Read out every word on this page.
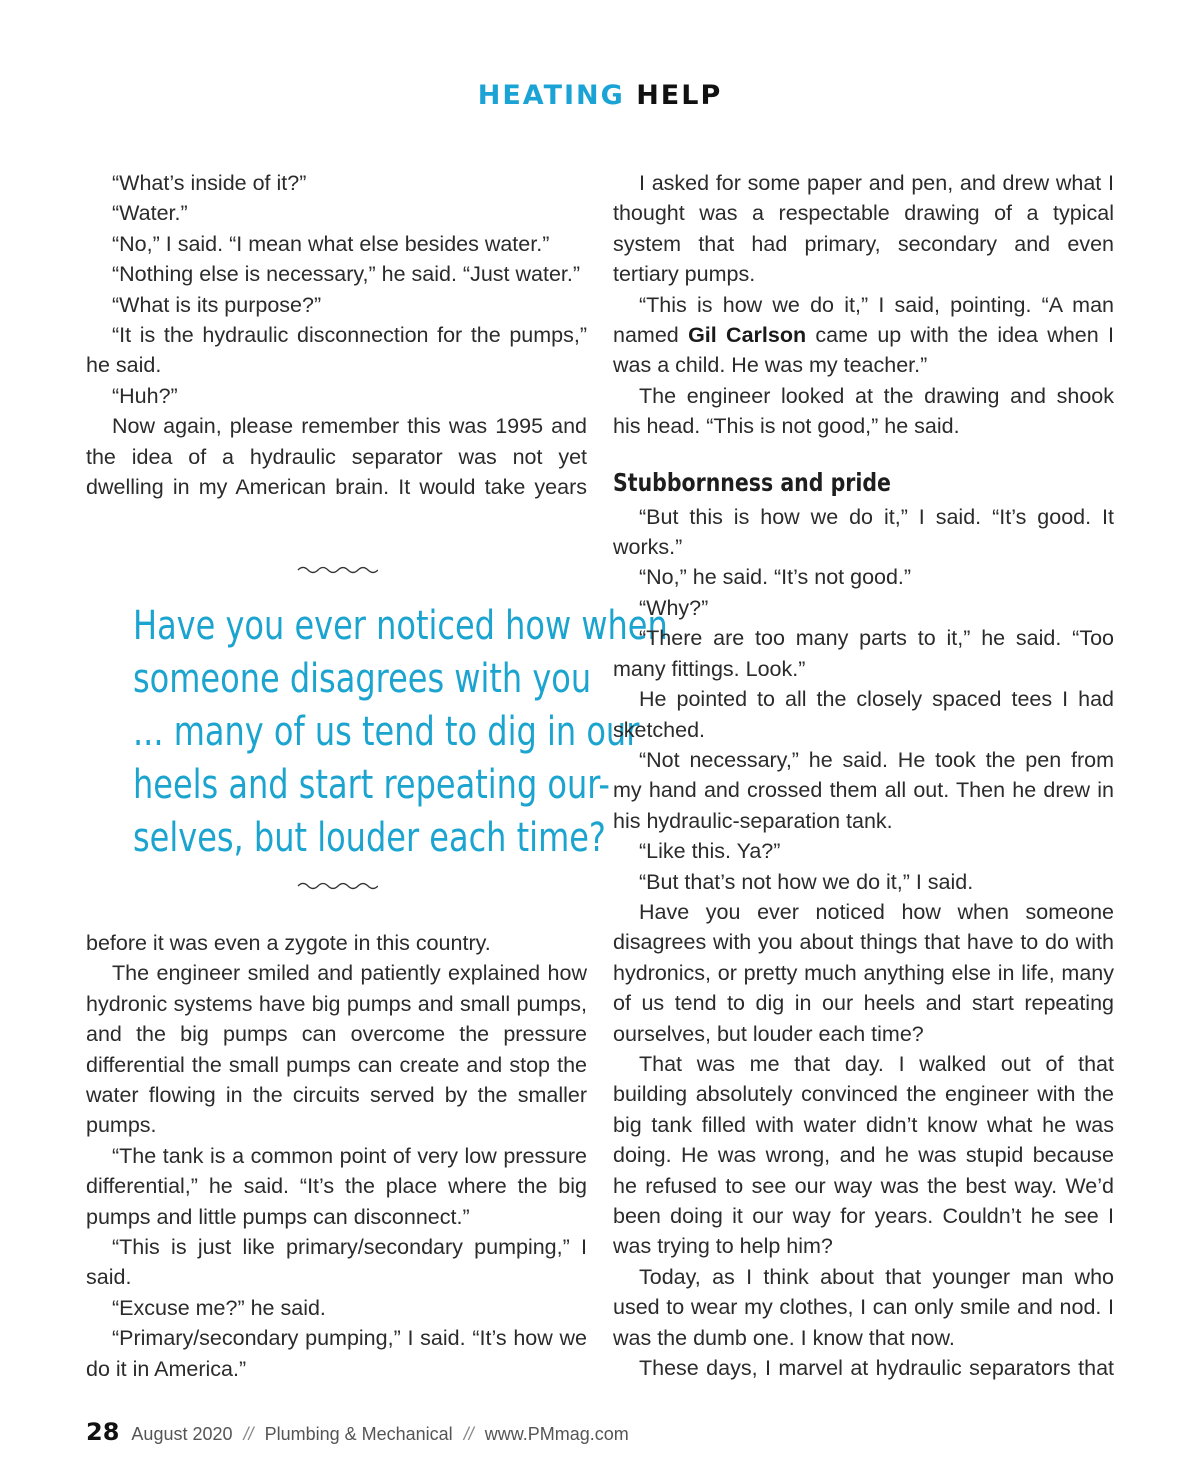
HEATING HELP

“What’s inside of it?”

“Water.”

“No,” I said. “I mean what else besides water.”

“Nothing else is necessary,” he said. “Just water.”

“What is its purpose?”

“It is the hydraulic disconnection for the pumps,” he said.

“Huh?”

Now again, please remember this was 1995 and the idea of a hydraulic separator was not yet dwelling in my American brain. It would take years

Have you ever noticed how when
someone disagrees with you
... many of us tend to dig in our
heels and start repeating our-
selves, but louder each time?

before it was even a zygote in this country.

The engineer smiled and patiently explained how hydronic systems have big pumps and small pumps, and the big pumps can overcome the pressure differential the small pumps can create and stop the water flowing in the circuits served by the smaller pumps.

“The tank is a common point of very low pressure differential,” he said. “It’s the place where the big pumps and little pumps can disconnect.”

“This is just like primary/secondary pumping,” I said.

“Excuse me?” he said.

“Primary/secondary pumping,” I said. “It’s how we do it in America.”

I asked for some paper and pen, and drew what I thought was a respectable drawing of a typical system that had primary, secondary and even tertiary pumps.

“This is how we do it,” I said, pointing. “A man named Gil Carlson came up with the idea when I was a child. He was my teacher.”

The engineer looked at the drawing and shook his head. “This is not good,” he said.

Stubbornness and pride

“But this is how we do it,” I said. “It’s good. It works.”

“No,” he said. “It’s not good.”

“Why?”

“There are too many parts to it,” he said. “Too many fittings. Look.”

He pointed to all the closely spaced tees I had sketched.

“Not necessary,” he said. He took the pen from my hand and crossed them all out. Then he drew in his hydraulic-separation tank.

“Like this. Ya?”

“But that’s not how we do it,” I said.

Have you ever noticed how when someone disagrees with you about things that have to do with hydronics, or pretty much anything else in life, many of us tend to dig in our heels and start repeating ourselves, but louder each time?

That was me that day. I walked out of that building absolutely convinced the engineer with the big tank filled with water didn’t know what he was doing. He was wrong, and he was stupid because he refused to see our way was the best way. We’d been doing it our way for years. Couldn’t he see I was trying to help him?

Today, as I think about that younger man who used to wear my clothes, I can only smile and nod. I was the dumb one. I know that now.

These days, I marvel at hydraulic separators that

28 August 2020 // Plumbing & Mechanical // www.PMmag.com
